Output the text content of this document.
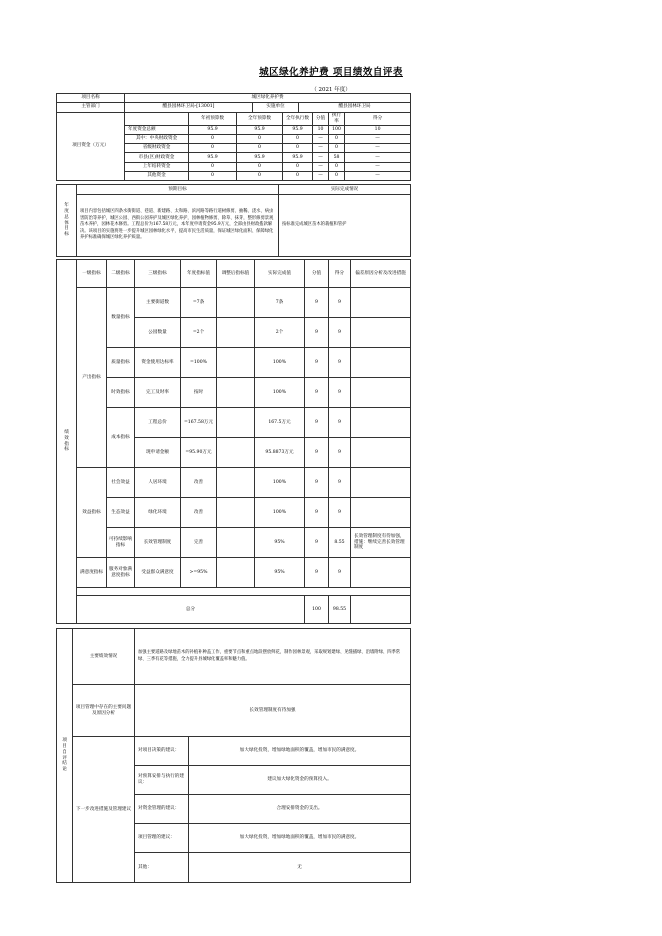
城区绿化养护费 项目绩效自评表
（ 2021 年度）
项目名称	城区绿化养护费								
主管部门	醴县园林环卫局-[13001]			实施单位		醴县园林环卫局			
项目资金（万元）		年初预算数	全年预算数		全年执行数		分值	执行率	得分
	年度资金总额	95.9	95.9		95.9		10	100	10
	其中：中央财政资金	0	0		0		—	0	—
	省级财政资金	0	0		0		—	0	—
	市县(区)财政资金	95.9	95.9		95.9		—	58	—
	上年结转资金	0	0		0		—	0	—
	其他资金	0	0		0		—	0	—
年度总体目标	预期目标	实际完成情况
	项目内容包括城区四条水街街道、巷道、新建路、太和路、滨河路等路行道树修剪、抽稀、浇水、病虫害防治等养护，城区公园、西街公园养护及城区绿化养护，园林植物修剪、除草、抹芽，整形修剪景观苗木养护，园林花木修剪。工程总价为167.58万元，本年度申请资金95.9万元，全部由县财政拨款解决。该项目的实施将进一步提升城区园林绿化水平，提高市民生活质量，保证城区绿化面积、保障绿化养护标准确保城区绿化养护质量。	按标准完成城区苗木的栽植和管护
绩效指标	一级指标	二级指标	三级指标	年度指标值	调整后指标值	实际完成值	分值	得分	偏差原因分析及改进措施
	产出指标	数量指标	主要街道数	=7条		7条	9	9	
			公园数量	=2个		2个	9	9	
		质量指标	资金使用达标率	=100%		100%	9	9	
		时效指标	完工及时率	按时		100%	9	9	
		成本指标	工程总价	=167.58万元		167.5万元	9	9	
			现申请金额	=95.90万元		95.8873万元	9	9	
	效益指标	社会效益	人居环境	改善		100%	9	9	
		生态效益	绿化环境	改善		100%	9	9	
		可持续影响指标	长效管理制度	完善		95%	9	8.55	长效管理制度有待加强，措施：继续完善长效管理制度
	满意度指标	服务对象满意度指标	受益群众满意度	>=95%		95%	9	9	

	总分						100	98.55	
项目自评结论	主要绩效情况	加强主要道路及绿地苗木的补植补种盖工作，重要节点和重点地段摆放鲜花，制作园林景观，采取规划建绿、见缝插绿、沿墙附绿、四季常绿、三季有花等措施，全力提升县城绿化覆盖率和魅力值。	
	项目管理中存在的主要问题及原因分析	长效管理制度有待加强	
	下一步改进措施及管理建议	对项目决策的建议：	加大绿化投资，增加绿地面积的覆盖，增加市民的满意度。
		对预算安排与执行的建议：	建议加大绿化资金的预算投入。
		对资金管理的建议：	合理安排资金的支出。
		项目管理的建议：	加大绿化投资，增加绿地面积的覆盖，增加市民的满意度。
		其他：	无
